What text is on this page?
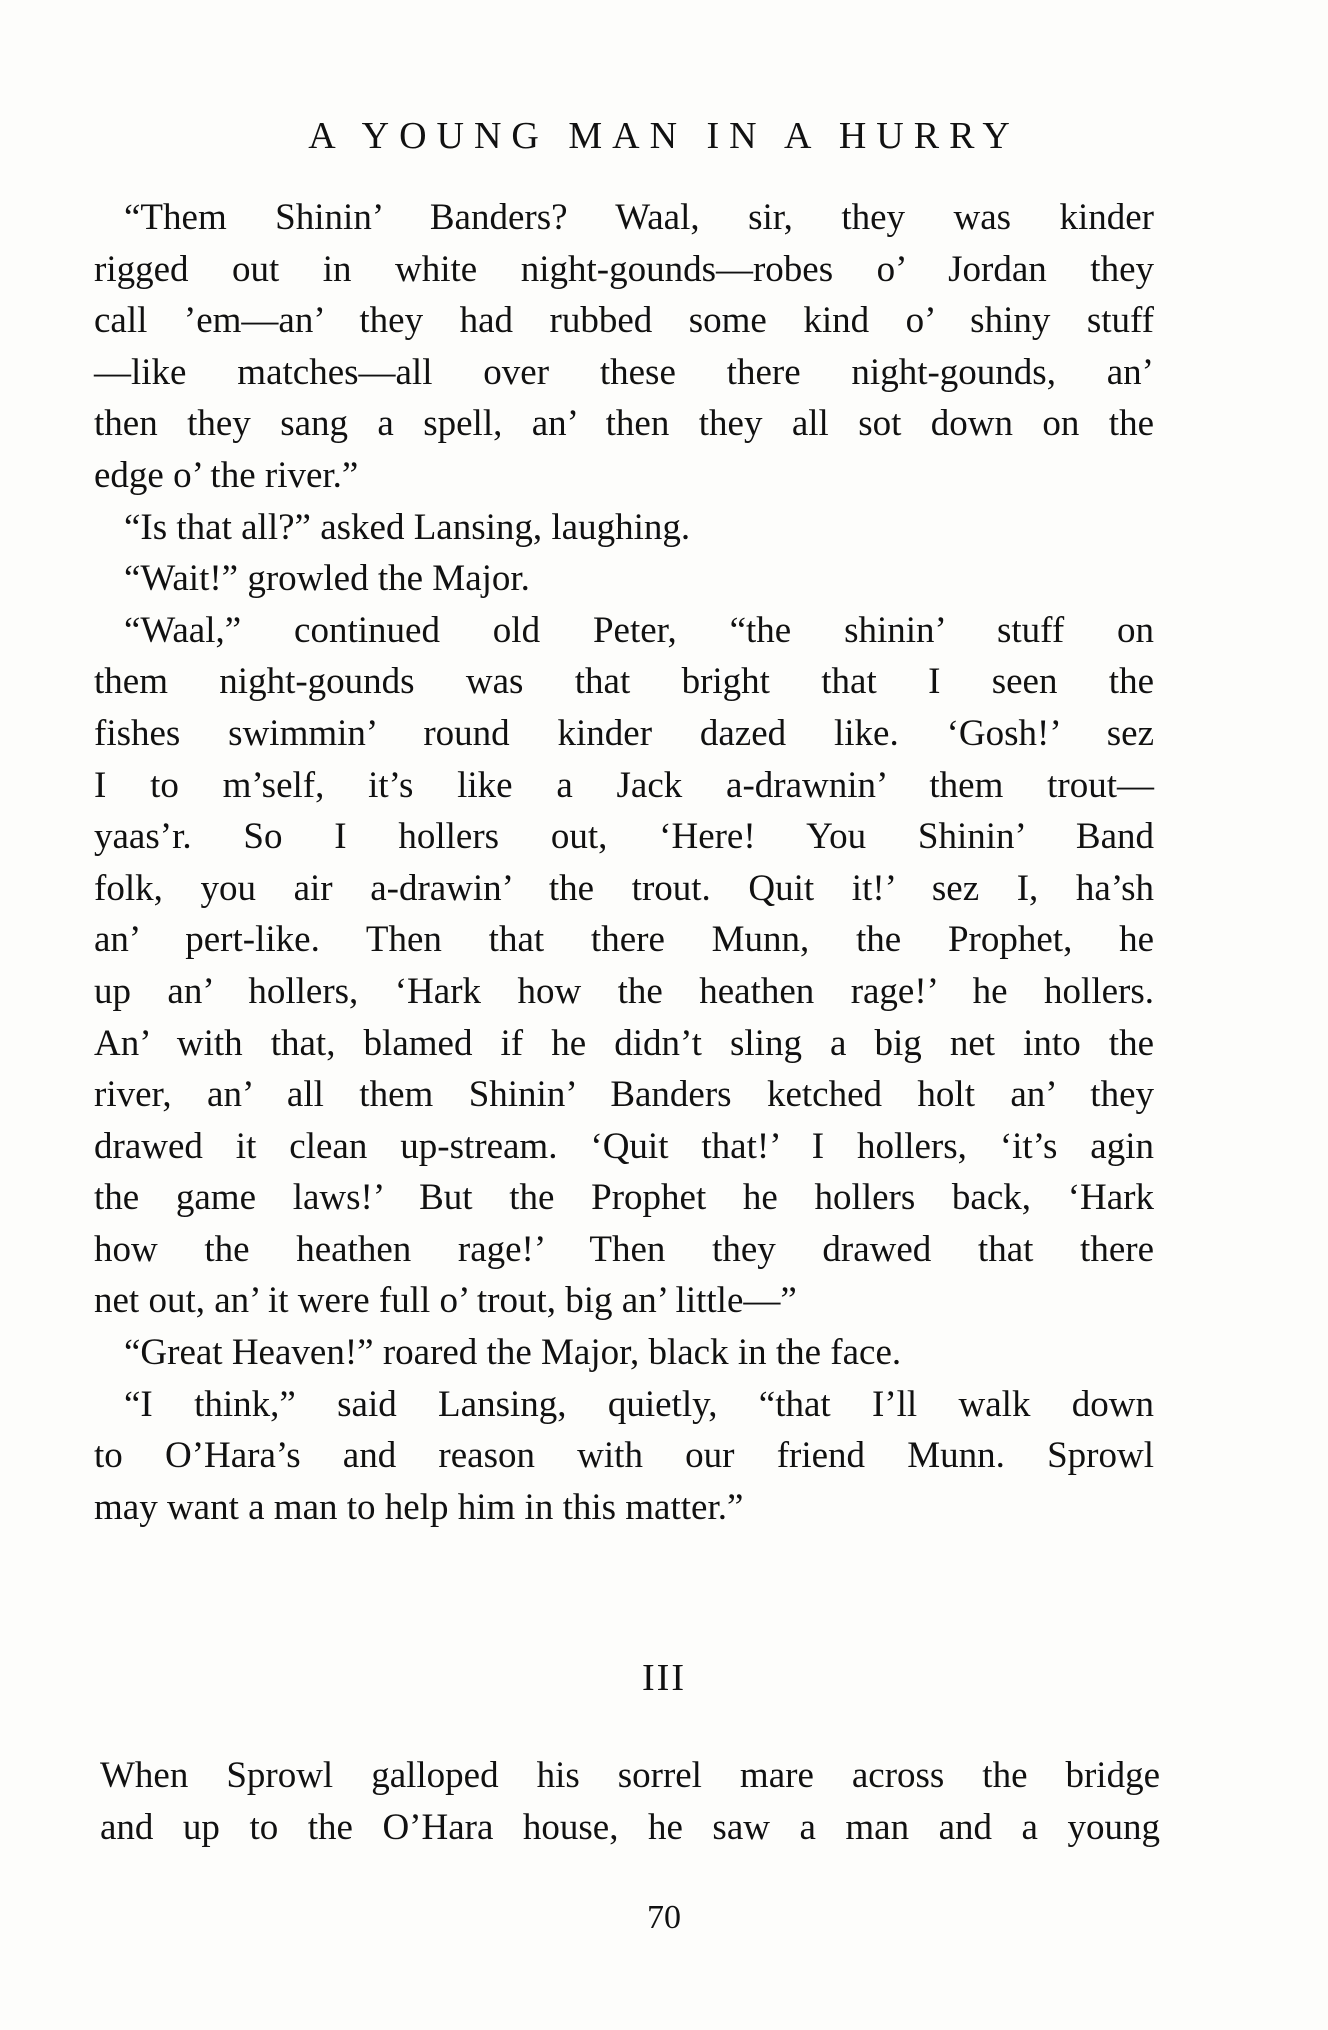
A YOUNG MAN IN A HURRY
“Them Shinin’ Banders? Waal, sir, they was kinder
rigged out in white night-gounds—robes o’ Jordan they
call ’em—an’ they had rubbed some kind o’ shiny stuff
—like matches—all over these there night-gounds, an’
then they sang a spell, an’ then they all sot down on the
edge o’ the river.”
“Is that all?” asked Lansing, laughing.
“Wait!” growled the Major.
“Waal,” continued old Peter, “the shinin’ stuff on
them night-gounds was that bright that I seen the
fishes swimmin’ round kinder dazed like. ‘Gosh!’ sez
I to m’self, it’s like a Jack a-drawnin’ them trout—
yaas’r. So I hollers out, ‘Here! You Shinin’ Band
folk, you air a-drawin’ the trout. Quit it!’ sez I, ha’sh
an’ pert-like. Then that there Munn, the Prophet, he
up an’ hollers, ‘Hark how the heathen rage!’ he hollers.
An’ with that, blamed if he didn’t sling a big net into the
river, an’ all them Shinin’ Banders ketched holt an’ they
drawed it clean up-stream. ‘Quit that!’ I hollers, ‘it’s agin
the game laws!’ But the Prophet he hollers back, ‘Hark
how the heathen rage!’ Then they drawed that there
net out, an’ it were full o’ trout, big an’ little—”
“Great Heaven!” roared the Major, black in the face.
“I think,” said Lansing, quietly, “that I’ll walk down
to O’Hara’s and reason with our friend Munn. Sprowl
may want a man to help him in this matter.”
III
When Sprowl galloped his sorrel mare across the bridge
and up to the O’Hara house, he saw a man and a young
70
